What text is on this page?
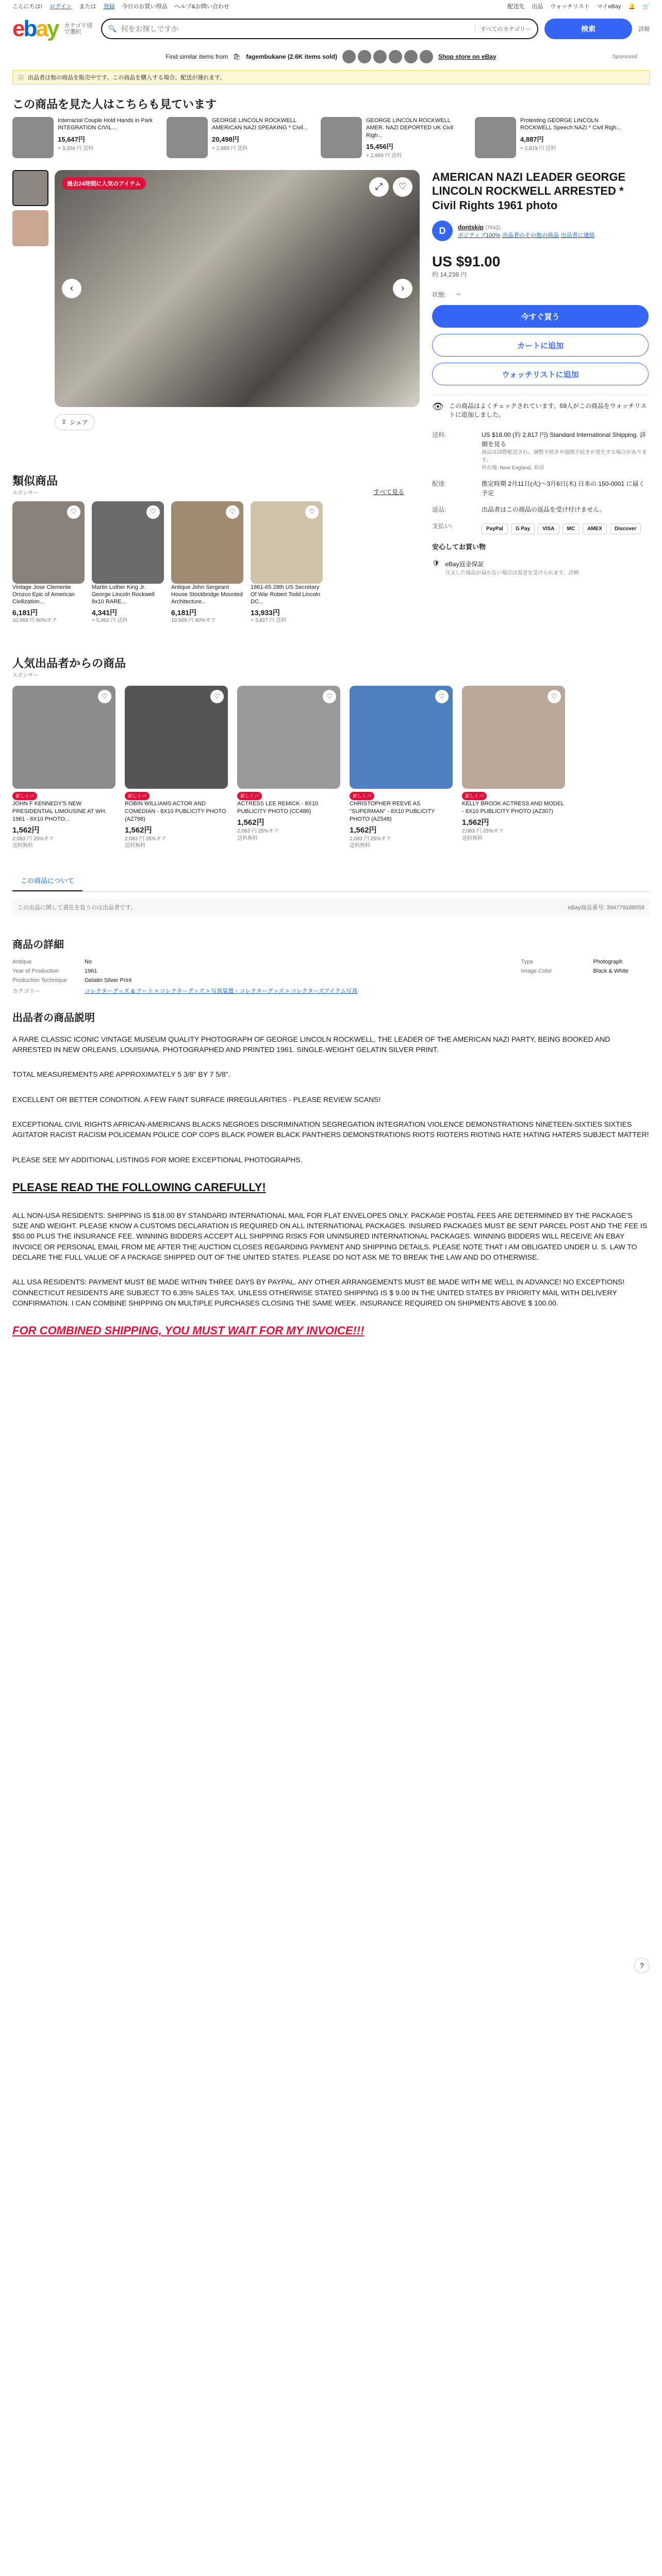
こんにちは! ログイン または 登録 今日のお買い得品 ヘルプ&お問い合わせ	配送先 出品 ウォッチリスト マイeBay 🔔 🛒
ebay カテゴリ別で選択	🔍
何をお探しですか	すべてのカテゴリー	検索	詳細
Find similar items from 🛍 fagembukane (2.6K items sold)	Shop store on eBay	Sponsored
ⓘ 出品者は他の商品を販売中です。この商品を購入する場合、配送が遅れます。
この商品を見た人はこちらも見ています
Interracial Couple Hold Hands in Park INTEGRATION CIVIL...
15,647円
+ 3,204 円 送料
GEORGE LINCOLN ROCKWELL AMERICAN NAZI SPEAKING * Civil...
20,498円
+ 2,889 円 送料
GEORGE LINCOLN ROCKWELL AMER. NAZI DEPORTED UK Civil Righ...
15,456円
+ 2,889 円 送料
Protesting GEORGE LINCOLN ROCKWELL Speech NAZI * Civil Righ...
4,887円
+ 2,819 円 送料
過去24時間に人気のアイテム	⤢	♡
‹	›
⇪ シェア
類似商品
スポンサー	すべて見る
♡
Vintage Jose Clemente Orozco Epic of American Civilization...
6,181円
10,569 円 60%オフ
♡
Martin Luther King Jr. George Lincoln Rockwell 8x10 RARE...
4,341円
+ 5,062 円 送料
♡
Antique John Sergeant House Stockbridge Mounted Architecture...
6,181円
10,569 円 40%オフ
♡
1861-65 28th US Secretary Of War Robert Todd Lincoln DC...
13,933円
+ 3,827 円 送料
AMERICAN NAZI LEADER GEORGE LINCOLN ROCKWELL ARRESTED * Civil Rights 1961 photo
D	dontskip (7642)
ポジティブ100% 出品者のその他の商品 出品者に連絡
US $91.00
約 14,238 円
状態: --
今すぐ買う
カートに追加
ウォッチリストに追加
👁 この商品はよくチェックされています。59人がこの商品をウォッチリストに追加しました。
送料:	US $18.00 (約 2,817 円) Standard International Shipping. 詳細を見る
商品は国際配送され、調整手続きや通関手続きが発生する場合があります。
所在地: New England, 米国
配達:	推定時期 2月11日(火)〜3月6日(木) 日本の 150-0001 に届く予定
返品:	出品者はこの商品の返品を受け付けません。
支払い:	PayPal	G Pay	VISA	MC	AMEX	Discover
安心してお買い物
🛡 eBay返金保証
注文した商品が届かない場合は返金を受けられます。詳細
人気出品者からの商品
スポンサー
♡
新しくバ
JOHN F KENNEDY'S NEW PRESIDENTIAL LIMOUSINE AT WH. 1961 - 8X10 PHOTO...
1,562円
2,083 円 25%オフ
送料無料
♡
新しくバ
ROBIN WILLIAMS ACTOR AND COMEDIAN - 8X10 PUBLICITY PHOTO (AZ798)
1,562円
2,083 円 25%オフ
送料無料
♡
新しくバ
ACTRESS LEE REMICK - 8X10 PUBLICITY PHOTO (CC486)
1,562円
2,083 円 25%オフ
送料無料
♡
新しくバ
CHRISTOPHER REEVE AS "SUPERMAN" - 8X10 PUBLICITY PHOTO (AZ548)
1,562円
2,083 円 25%オフ
送料無料
♡
新しくバ
KELLY BROOK ACTRESS AND MODEL - 8X10 PUBLICITY PHOTO (AZ307)
1,562円
2,083 円 25%オフ
送料無料
この商品について
この出品に関して責任を負うのは出品者です。	eBay商品番号: 394779188558
商品の詳細
Antique	No	Type	Photograph
Year of Production	1961	Image Color	Black & White
Production Technique	Gelatin Silver Print		
カテゴリー	コレクターグッズ & アート > コレクターグッズ > 写真装置・コレクターグッズ > コレクターズアイテム写真		
出品者の商品説明

A RARE CLASSIC ICONIC VINTAGE MUSEUM QUALITY PHOTOGRAPH OF GEORGE LINCOLN ROCKWELL, THE LEADER OF THE AMERICAN NAZI PARTY, BEING BOOKED AND ARRESTED IN NEW ORLEANS, LOUISIANA. PHOTOGRAPHED AND PRINTED 1961. SINGLE-WEIGHT GELATIN SILVER PRINT.

TOTAL MEASUREMENTS ARE APPROXIMATELY 5 3/8" BY 7 5/8".

EXCELLENT OR BETTER CONDITION. A FEW FAINT SURFACE IRREGULARITIES - PLEASE REVIEW SCANS!

EXCEPTIONAL CIVIL RIGHTS AFRICAN-AMERICANS BLACKS NEGROES DISCRIMINATION SEGREGATION INTEGRATION VIOLENCE DEMONSTRATIONS NINETEEN-SIXTIES SIXTIES AGITATOR RACIST RACISM POLICEMAN POLICE COP COPS BLACK POWER BLACK PANTHERS DEMONSTRATIONS RIOTS RIOTERS RIOTING HATE HATING HATERS SUBJECT MATTER!

PLEASE SEE MY ADDITIONAL LISTINGS FOR MORE EXCEPTIONAL PHOTOGRAPHS.

PLEASE READ THE FOLLOWING CAREFULLY!

ALL NON-USA RESIDENTS: SHIPPING IS $18.00 BY STANDARD INTERNATIONAL MAIL FOR FLAT ENVELOPES ONLY. PACKAGE POSTAL FEES ARE DETERMINED BY THE PACKAGE'S SIZE AND WEIGHT. PLEASE KNOW A CUSTOMS DECLARATION IS REQUIRED ON ALL INTERNATIONAL PACKAGES. INSURED PACKAGES MUST BE SENT PARCEL POST AND THE FEE IS $50.00 PLUS THE INSURANCE FEE. WINNING BIDDERS ACCEPT ALL SHIPPING RISKS FOR UNINSURED INTERNATIONAL PACKAGES. WINNING BIDDERS WILL RECEIVE AN EBAY INVOICE OR PERSONAL EMAIL FROM ME AFTER THE AUCTION CLOSES REGARDING PAYMENT AND SHIPPING DETAILS. PLEASE NOTE THAT I AM OBLIGATED UNDER U. S. LAW TO DECLARE THE FULL VALUE OF A PACKAGE SHIPPED OUT OF THE UNITED STATES. PLEASE DO NOT ASK ME TO BREAK THE LAW AND DO OTHERWISE.

ALL USA RESIDENTS: PAYMENT MUST BE MADE WITHIN THREE DAYS BY PAYPAL. ANY OTHER ARRANGEMENTS MUST BE MADE WITH ME WELL IN ADVANCE! NO EXCEPTIONS! CONNECTICUT RESIDENTS ARE SUBJECT TO 6.35% SALES TAX. UNLESS OTHERWISE STATED SHIPPING IS $ 9.00 IN THE UNITED STATES BY PRIORITY MAIL WITH DELIVERY CONFIRMATION. I CAN COMBINE SHIPPING ON MULTIPLE PURCHASES CLOSING THE SAME WEEK. INSURANCE REQUIRED ON SHIPMENTS ABOVE $ 100.00.

FOR COMBINED SHIPPING, YOU MUST WAIT FOR MY INVOICE!!!

?
